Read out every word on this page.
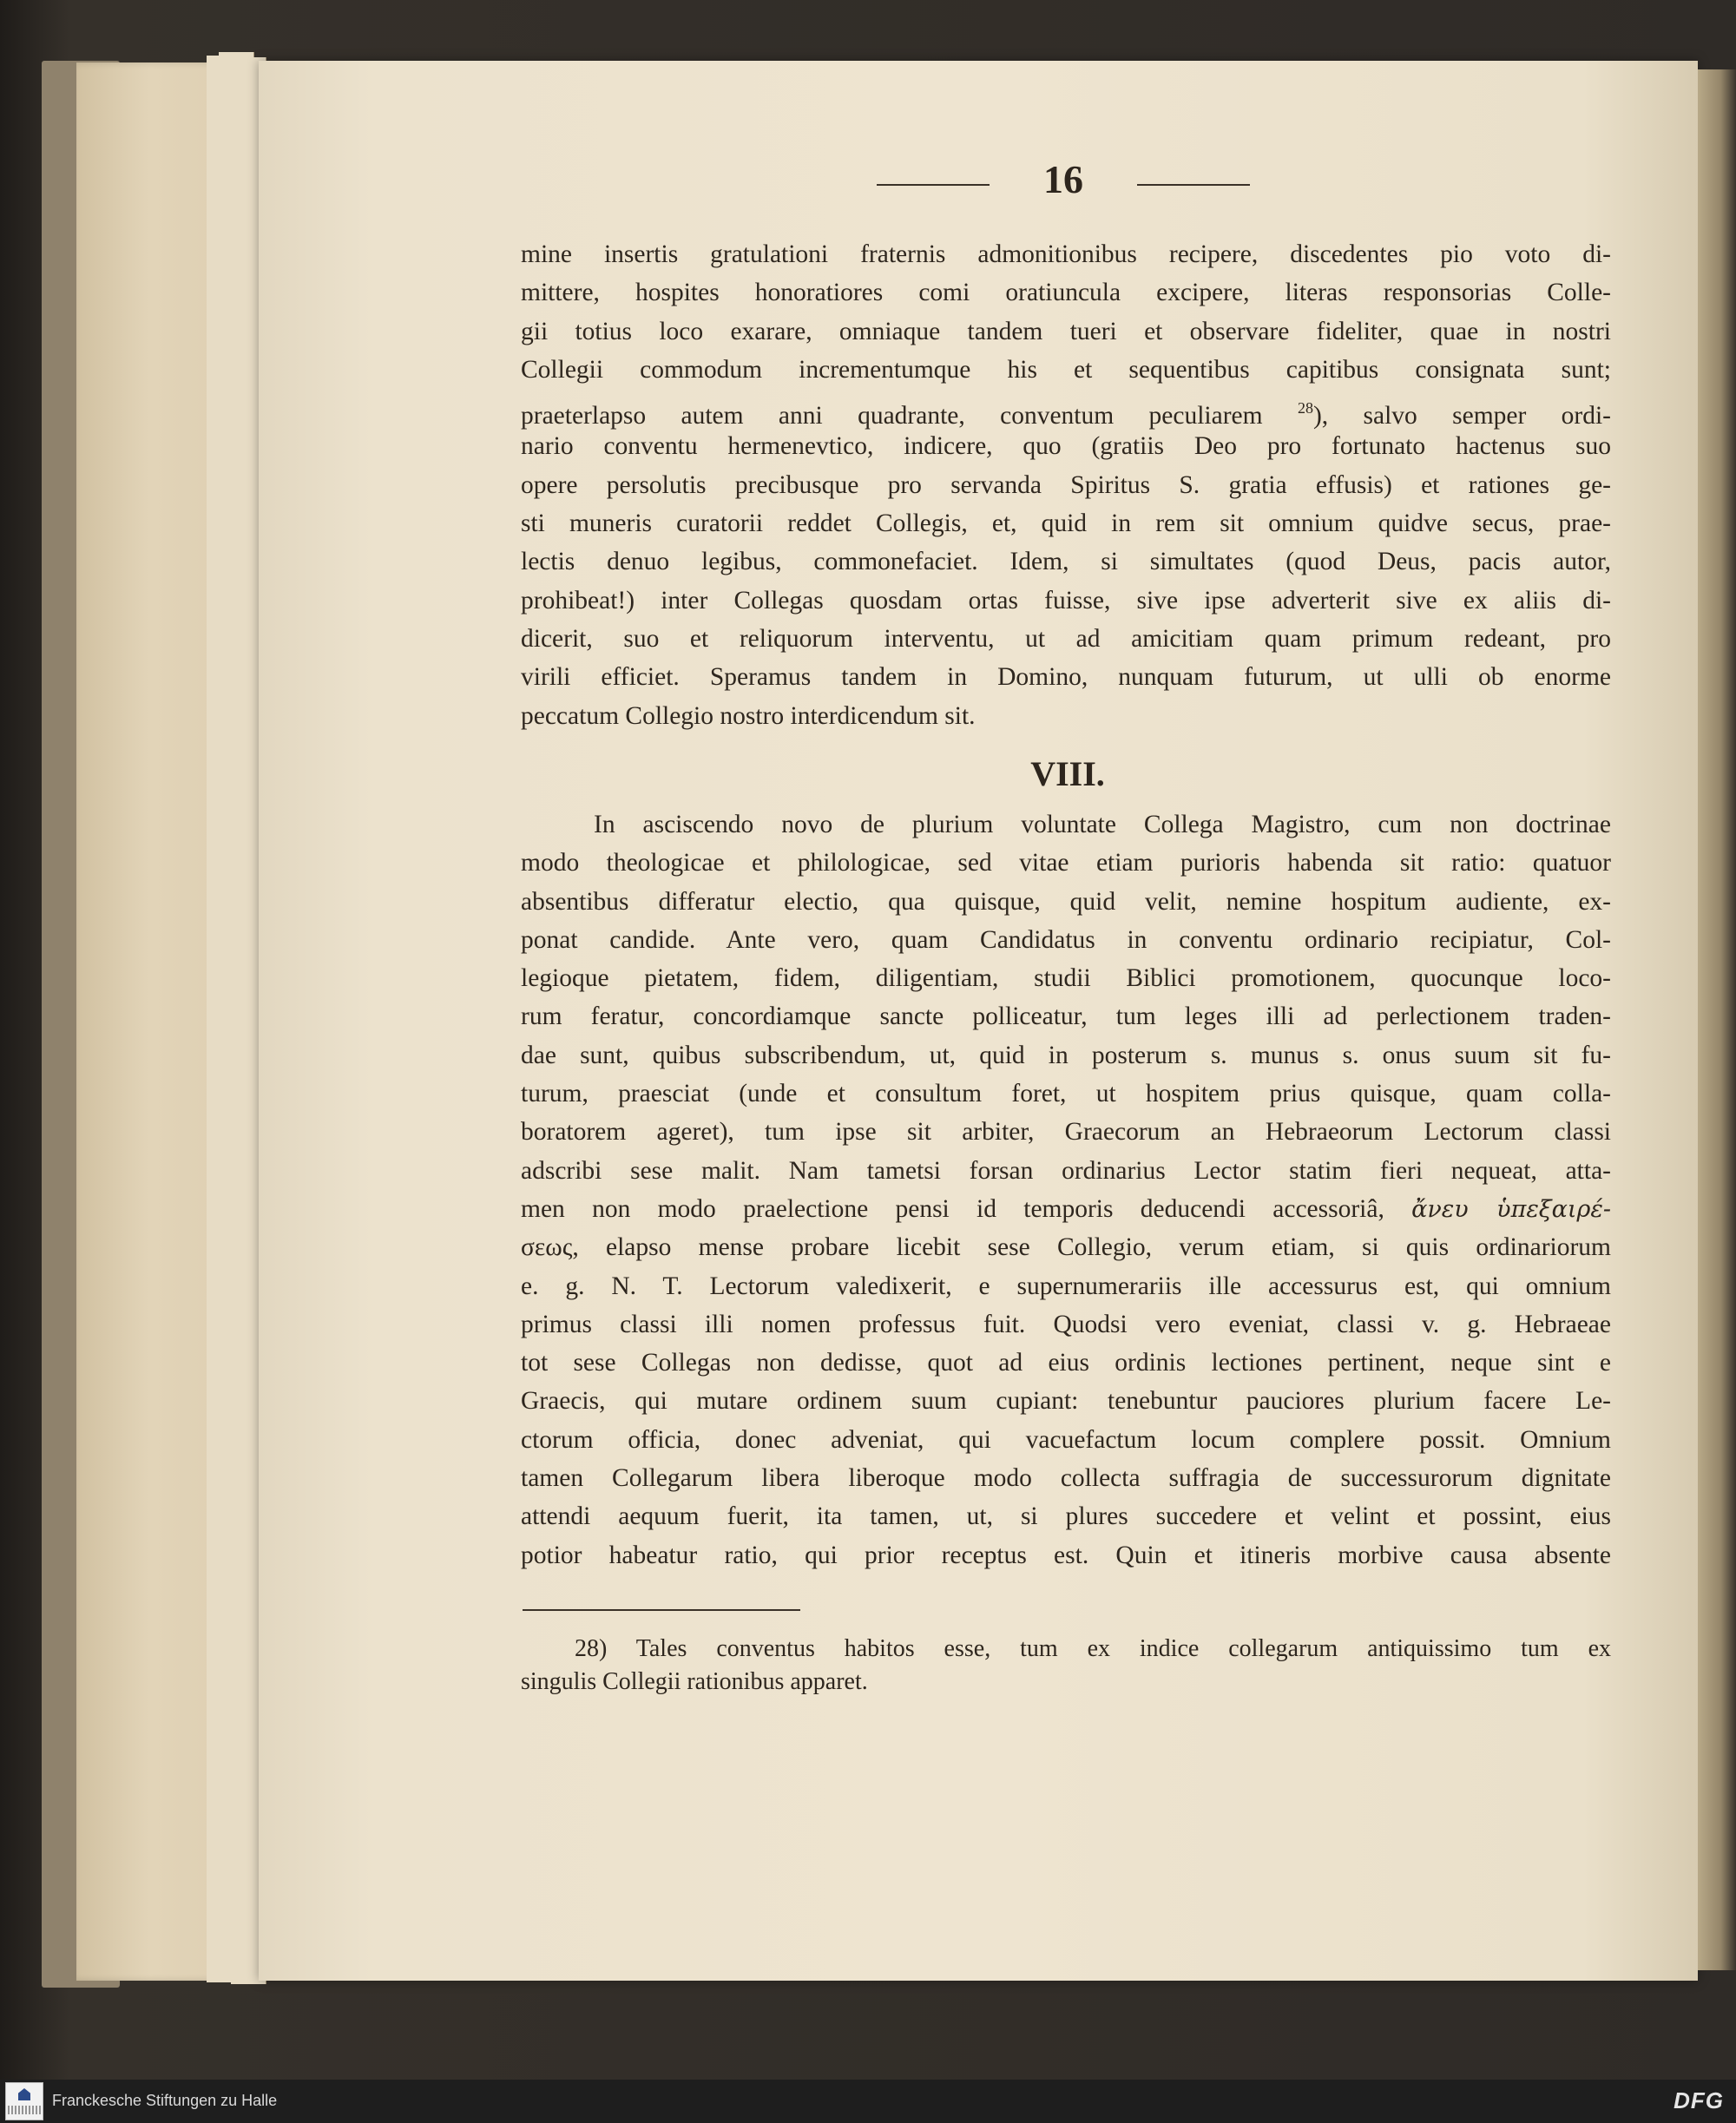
16
mine insertis gratulationi fraternis admonitionibus recipere, discedentes pio voto di-
mittere, hospites honoratiores comi oratiuncula excipere, literas responsorias Colle-
gii totius loco exarare, omniaque tandem tueri et observare fideliter, quae in nostri
Collegii commodum incrementumque his et sequentibus capitibus consignata sunt;
praeterlapso autem anni quadrante, conventum peculiarem $^{28}$), salvo semper ordi-
nario conventu hermenevtico, indicere, quo (gratiis Deo pro fortunato hactenus suo
opere persolutis precibusque pro servanda Spiritus S. gratia effusis) et rationes ge-
sti muneris curatorii reddet Collegis, et, quid in rem sit omnium quidve secus, prae-
lectis denuo legibus, commonefaciet. Idem, si simultates (quod Deus, pacis autor,
prohibeat!) inter Collegas quosdam ortas fuisse, sive ipse adverterit sive ex aliis di-
dicerit, suo et reliquorum interventu, ut ad amicitiam quam primum redeant, pro
virili efficiet. Speramus tandem in Domino, nunquam futurum, ut ulli ob enorme
peccatum Collegio nostro interdicendum sit.
VIII.
In asciscendo novo de plurium voluntate Collega Magistro, cum non doctrinae
modo theologicae et philologicae, sed vitae etiam purioris habenda sit ratio: quatuor
absentibus differatur electio, qua quisque, quid velit, nemine hospitum audiente, ex-
ponat candide. Ante vero, quam Candidatus in conventu ordinario recipiatur, Col-
legioque pietatem, fidem, diligentiam, studii Biblici promotionem, quocunque loco-
rum feratur, concordiamque sancte polliceatur, tum leges illi ad perlectionem traden-
dae sunt, quibus subscribendum, ut, quid in posterum s. munus s. onus suum sit fu-
turum, praesciat (unde et consultum foret, ut hospitem prius quisque, quam colla-
boratorem ageret), tum ipse sit arbiter, Graecorum an Hebraeorum Lectorum classi
adscribi sese malit. Nam tametsi forsan ordinarius Lector statim fieri nequeat, atta-
men non modo praelectione pensi id temporis deducendi accessoriâ, ἄνευ ὑπεξαιρέ-
σεως, elapso mense probare licebit sese Collegio, verum etiam, si quis ordinariorum
e. g. N. T. Lectorum valedixerit, e supernumerariis ille accessurus est, qui omnium
primus classi illi nomen professus fuit. Quodsi vero eveniat, classi v. g. Hebraeae
tot sese Collegas non dedisse, quot ad eius ordinis lectiones pertinent, neque sint e
Graecis, qui mutare ordinem suum cupiant: tenebuntur pauciores plurium facere Le-
ctorum officia, donec adveniat, qui vacuefactum locum complere possit. Omnium
tamen Collegarum libera liberoque modo collecta suffragia de successurorum dignitate
attendi aequum fuerit, ita tamen, ut, si plures succedere et velint et possint, eius
potior habeatur ratio, qui prior receptus est. Quin et itineris morbive causa absente
28) Tales conventus habitos esse, tum ex indice collegarum antiquissimo tum ex
singulis Collegii rationibus apparet.
Franckesche Stiftungen zu Halle	DFG
